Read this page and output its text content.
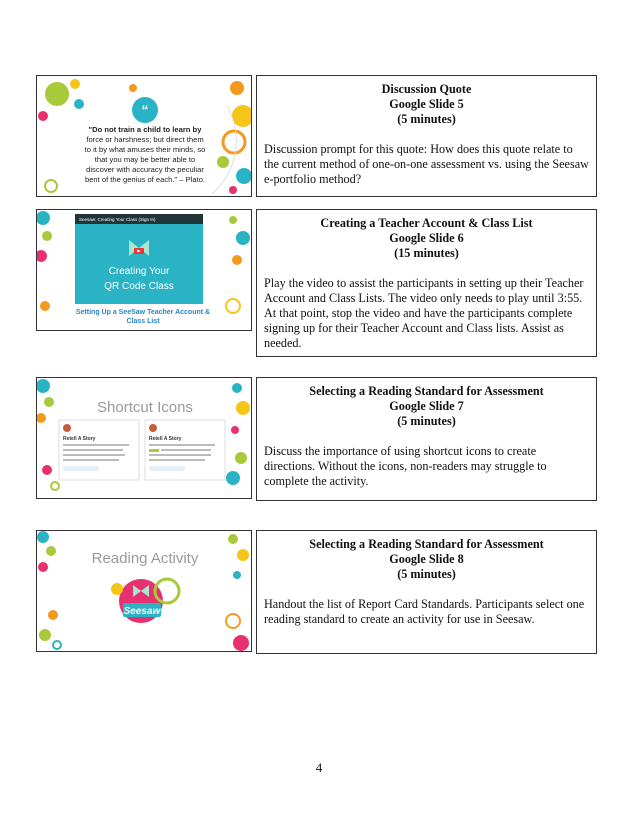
“
"Do not train a child to learn by
force or harshness; but direct them
to it by what amuses their minds, so
that you may be better able to
discover with accuracy the peculiar
bent of the genius of each." – Plato.
Discussion Quote
Google Slide 5
(5 minutes)
Discussion prompt for this quote: How does this quote relate to the current method of one-on-one assessment vs. using the Seesaw e-portfolio method?
Seesaw: Creating Your Class (Sign In)
Creating Your
QR Code Class
Setting Up a SeeSaw Teacher Account &
Class List
Creating a Teacher Account & Class List
Google Slide 6
(15 minutes)
Play the video to assist the participants in setting up their Teacher Account and Class Lists. The video only needs to play until 3:55. At that point, stop the video and have the participants complete signing up for their Teacher Account and Class lists. Assist as needed.
Shortcut Icons
Retell A Story	Retell A Story
Selecting a Reading Standard for Assessment
Google Slide 7
(5 minutes)
Discuss the importance of using shortcut icons to create directions. Without the icons, non-readers may struggle to complete the activity.
Reading Activity
Seesaw
Selecting a Reading Standard for Assessment
Google Slide 8
(5 minutes)
Handout the list of Report Card Standards. Participants select one reading standard to create an activity for use in Seesaw.
4
